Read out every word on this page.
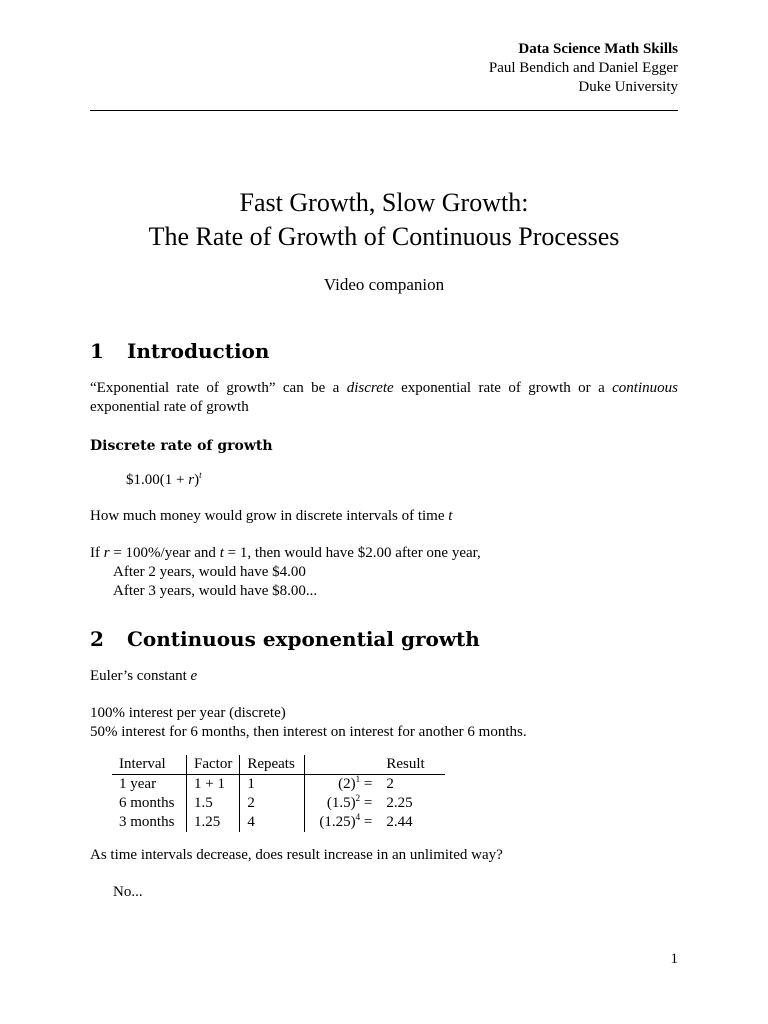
Data Science Math Skills
Paul Bendich and Daniel Egger
Duke University
Fast Growth, Slow Growth:
The Rate of Growth of Continuous Processes
Video companion
1 Introduction
“Exponential rate of growth” can be a discrete exponential rate of growth or a continuous
exponential rate of growth
Discrete rate of growth
$1.00(1 + r)$^t$
How much money would grow in discrete intervals of time t
If r = 100%/year and t = 1, then would have $2.00 after one year,
After 2 years, would have $4.00
After 3 years, would have $8.00...
2 Continuous exponential growth
Euler’s constant e
100% interest per year (discrete)
50% interest for 6 months, then interest on interest for another 6 months.
Interval	Factor	Repeats		Result
1 year	1 + 1	1	$(2)^1$ =	2
6 months	1.5	2	$(1.5)^2$ =	2.25
3 months	1.25	4	$(1.25)^4$ =	2.44
As time intervals decrease, does result increase in an unlimited way?
No...
1
